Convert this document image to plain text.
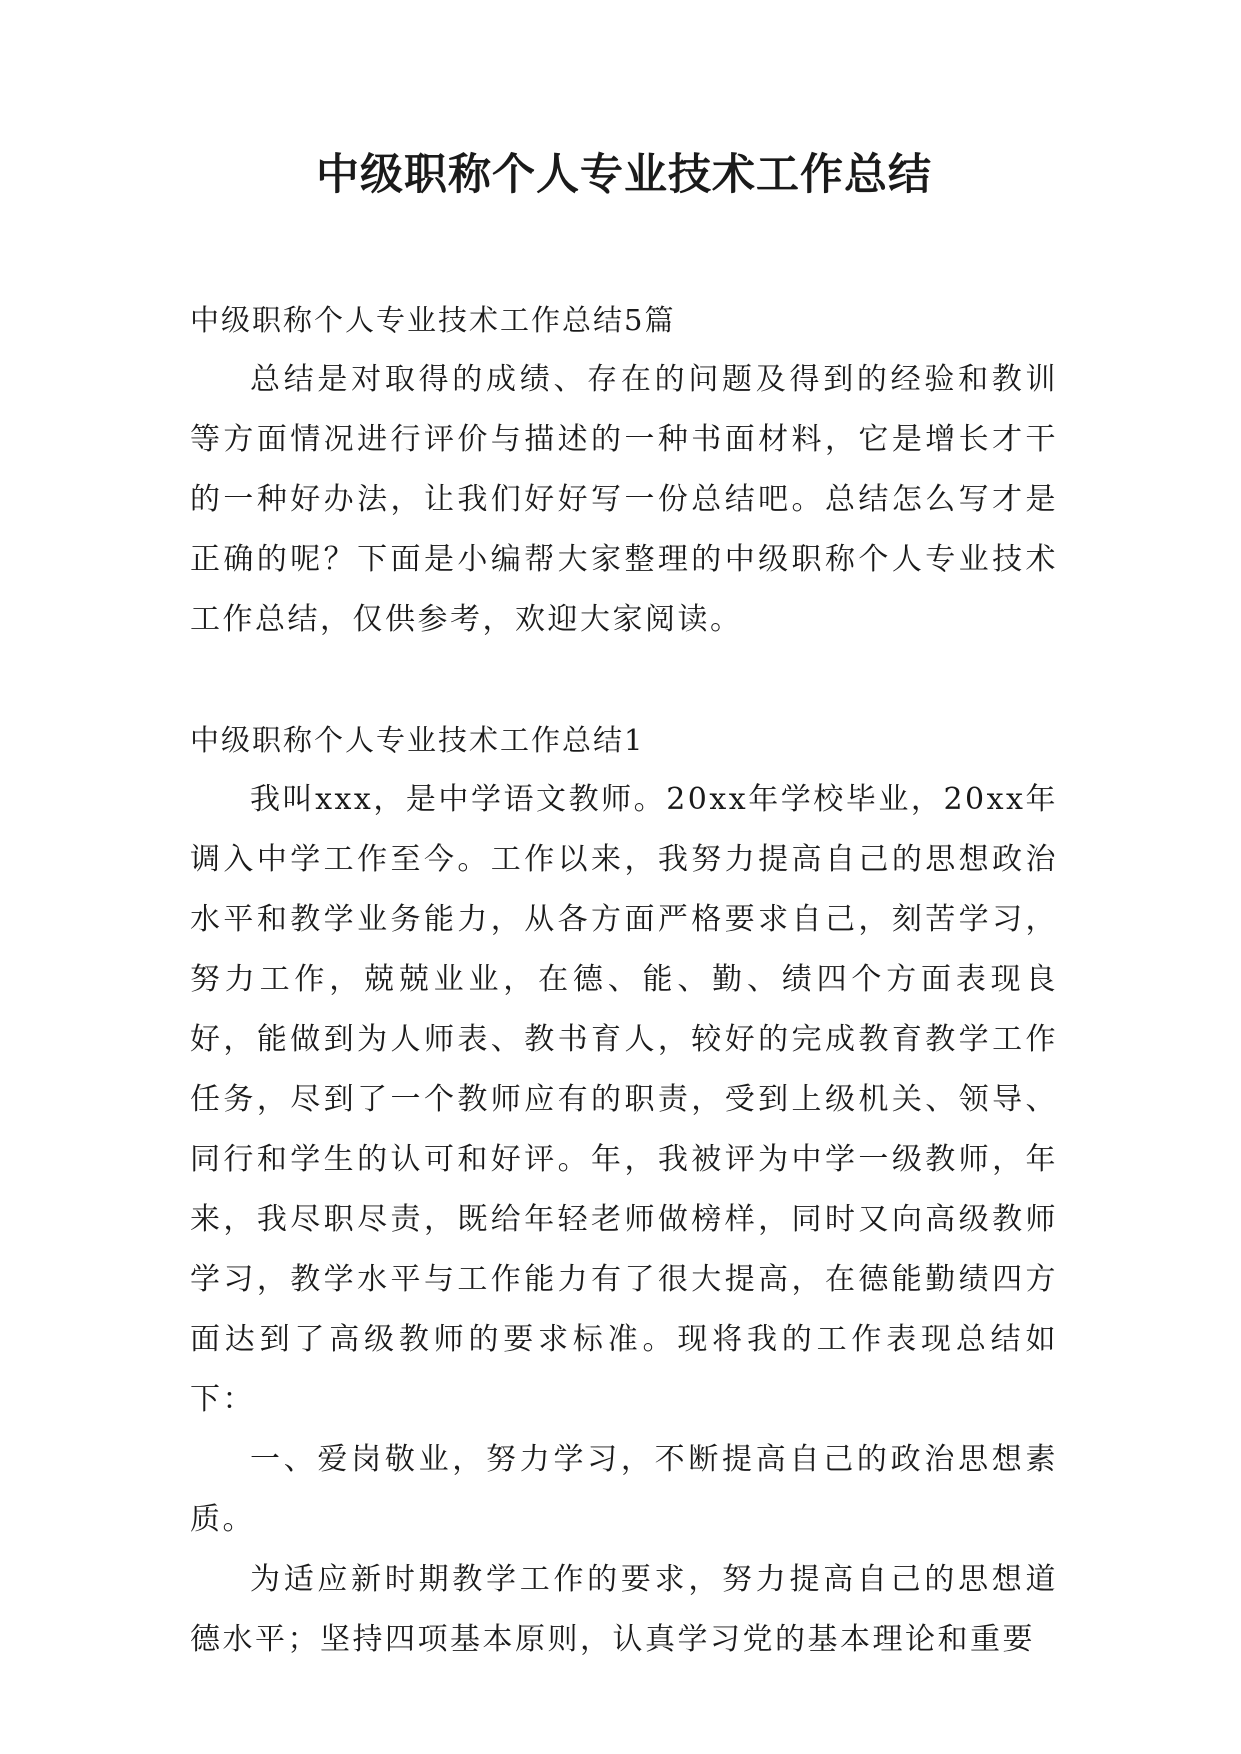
中级职称个人专业技术工作总结

中级职称个人专业技术工作总结5篇

总结是对取得的成绩、存在的问题及得到的经验和教训等方面情况进行评价与描述的一种书面材料，它是增长才干的一种好办法，让我们好好写一份总结吧。总结怎么写才是正确的呢？下面是小编帮大家整理的中级职称个人专业技术工作总结，仅供参考，欢迎大家阅读。

中级职称个人专业技术工作总结1

我叫xxx，是中学语文教师。20xx年学校毕业，20xx年调入中学工作至今。工作以来，我努力提高自己的思想政治水平和教学业务能力，从各方面严格要求自己，刻苦学习，努力工作，兢兢业业，在德、能、勤、绩四个方面表现良好，能做到为人师表、教书育人，较好的完成教育教学工作任务，尽到了一个教师应有的职责，受到上级机关、领导、同行和学生的认可和好评。年，我被评为中学一级教师，年来，我尽职尽责，既给年轻老师做榜样，同时又向高级教师学习，教学水平与工作能力有了很大提高，在德能勤绩四方面达到了高级教师的要求标准。现将我的工作表现总结如下：

一、爱岗敬业，努力学习，不断提高自己的政治思想素质。

为适应新时期教学工作的要求，努力提高自己的思想道德水平；坚持四项基本原则，认真学习党的基本理论和重要
